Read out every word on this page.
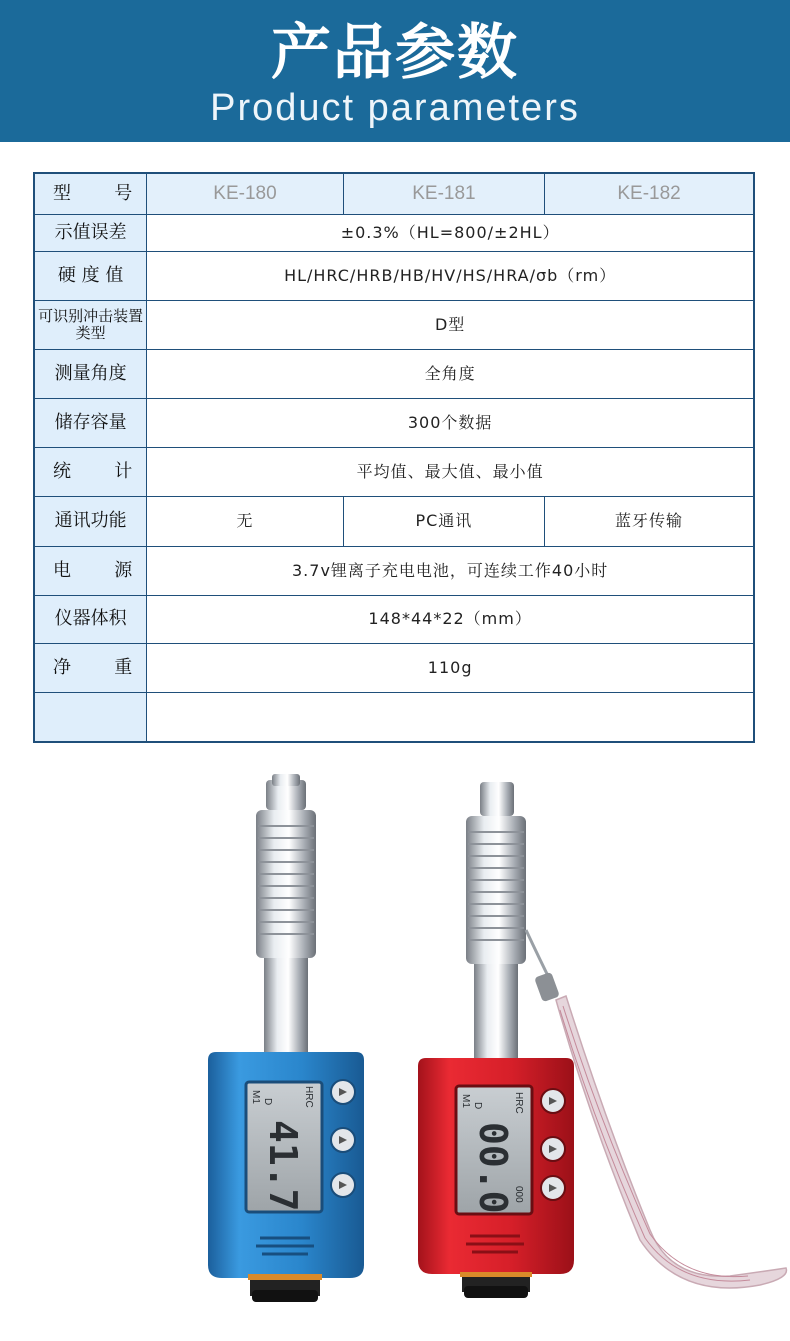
产品参数
Product parameters
型　号	KE-180	KE-181	KE-182
示值误差	±0.3%（HL=800/±2HL）		
硬 度 值	HL/HRC/HRB/HB/HV/HS/HRA/σb（rm）		
可识别冲击装置类型	D型		
测量角度	全角度		
储存容量	300个数据		
统　计	平均值、最大值、最小值		
通讯功能	无	PC通讯	蓝牙传输
电　源	3.7v锂离子充电电池，可连续工作40小时		
仪器体积	148*44*22（mm）		
净　重	110g		

41.7
M1 D	HRC
00.0
M1 D	HRC
000
